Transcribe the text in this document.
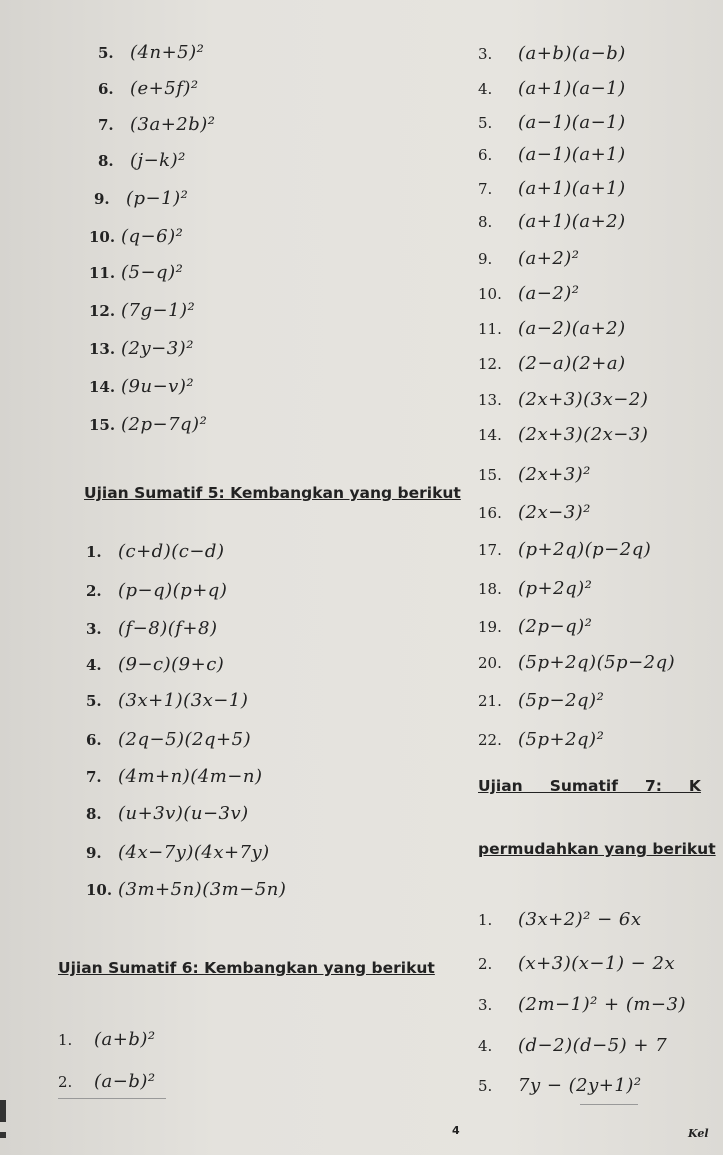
5. (4n+5)²
6. (e+5f)²
7. (3a+2b)²
8. (j−k)²
9. (p−1)²
10. (q−6)²
11. (5−q)²
12. (7g−1)²
13. (2y−3)²
14. (9u−v)²
15. (2p−7q)²
Ujian Sumatif 5: Kembangkan yang berikut
1. (c+d)(c−d)
2. (p−q)(p+q)
3. (f−8)(f+8)
4. (9−c)(9+c)
5. (3x+1)(3x−1)
6. (2q−5)(2q+5)
7. (4m+n)(4m−n)
8. (u+3v)(u−3v)
9. (4x−7y)(4x+7y)
10. (3m+5n)(3m−5n)
Ujian Sumatif 6: Kembangkan yang berikut
1. (a+b)²
2. (a−b)²
3. (a+b)(a−b)
4. (a+1)(a−1)
5. (a−1)(a−1)
6. (a−1)(a+1)
7. (a+1)(a+1)
8. (a+1)(a+2)
9. (a+2)²
10. (a−2)²
11. (a−2)(a+2)
12. (2−a)(2+a)
13. (2x+3)(3x−2)
14. (2x+3)(2x−3)
15. (2x+3)²
16. (2x−3)²
17. (p+2q)(p−2q)
18. (p+2q)²
19. (2p−q)²
20. (5p+2q)(5p−2q)
21. (5p−2q)²
22. (5p+2q)²
Ujian     Sumatif     7:     K
permudahkan yang berikut
1. (3x+2)² − 6x
2. (x+3)(x−1) − 2x
3. (2m−1)² + (m−3)
4. (d−2)(d−5) + 7
5. 7y − (2y+1)²
4	Kel
